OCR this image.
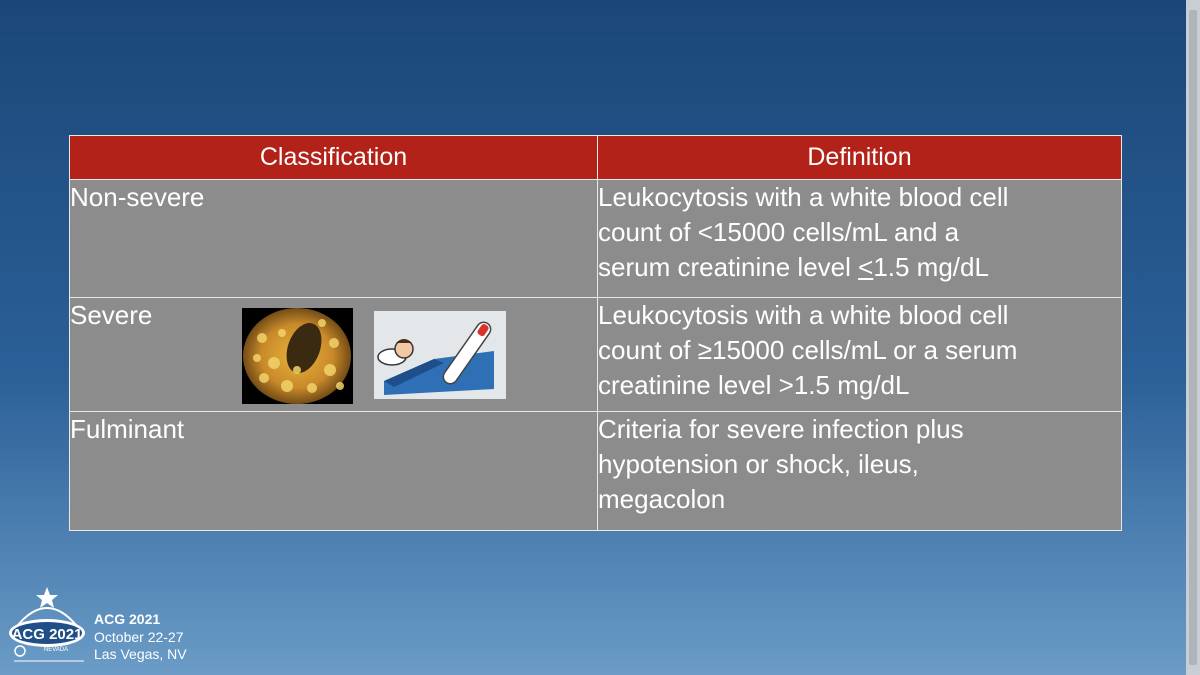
Classification	Definition
Non-severe	Leukocytosis with a white blood cell
count of <15000 cells/mL and a
serum creatinine level ≤1.5 mg/dL

Severe	Leukocytosis with a white blood cell
count of ≥15000 cells/mL or a serum
creatinine level >1.5 mg/dL

Fulminant	Criteria for severe infection plus
hypotension or shock, ileus,
megacolon
ACG 2021
NEVADA
ACG 2021
October 22-27
Las Vegas, NV
